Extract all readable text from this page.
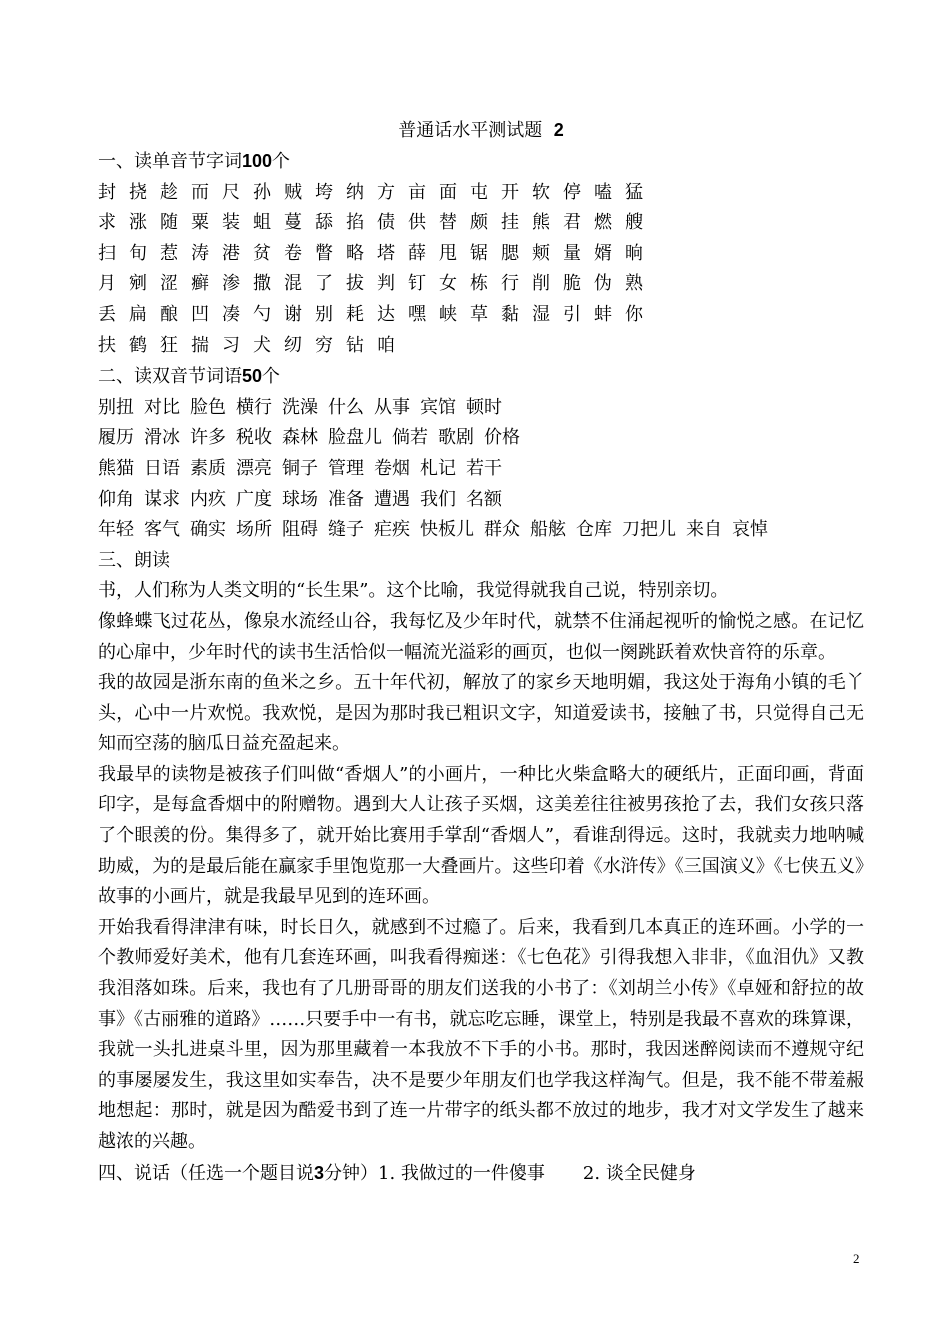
普通话水平测试题 2
一、读单音节字词100个
封 挠 趁 而 尺 孙 贼 垮 纳 方 亩 面 屯 开 软 停 嗑 猛
求 涨 随 粟 装 蛆 蔓 舔 掐 债 供 替 颇 挂 熊 君 燃 艘
扫 旬 惹 涛 港 贫 卷 瞥 略 塔 薛 甩 锯 腮 颊 量 婿 晌
月 剜 涩 癣 渗 撒 混 了 拔 判 钉 女 栋 行 削 脆 伪 熟
丢 扁 酿 凹 凑 勺 谢 别 耗 达 嘿 峡 草 黏 湿 引 蚌 你
扶 鹤 狂 揣 习 犬 纫 穷 钻 咱
二、读双音节词语50个
别扭 对比 脸色 横行 洗澡 什么 从事 宾馆 顿时
履历 滑冰 许多 税收 森林 脸盘儿 倘若 歌剧 价格
熊猫 日语 素质 漂亮 铜子 管理 卷烟 札记 若干
仰角 谋求 内疚 广度 球场 准备 遭遇 我们 名额
年轻 客气 确实 场所 阻碍 缝子 疟疾 快板儿 群众 船舷 仓库 刀把儿 来自 哀悼
三、朗读

书，人们称为人类文明的“长生果”。这个比喻，我觉得就我自己说，特别亲切。

像蜂蝶飞过花丛，像泉水流经山谷，我每忆及少年时代，就禁不住涌起视听的愉悦之感。在记忆的心扉中，少年时代的读书生活恰似一幅流光溢彩的画页，也似一阕跳跃着欢快音符的乐章。

我的故园是浙东南的鱼米之乡。五十年代初，解放了的家乡天地明媚，我这处于海角小镇的毛丫头，心中一片欢悦。我欢悦，是因为那时我已粗识文字，知道爱读书，接触了书，只觉得自己无知而空荡的脑瓜日益充盈起来。

我最早的读物是被孩子们叫做“香烟人”的小画片，一种比火柴盒略大的硬纸片，正面印画，背面印字，是每盒香烟中的附赠物。遇到大人让孩子买烟，这美差往往被男孩抢了去，我们女孩只落了个眼羡的份。集得多了，就开始比赛用手掌刮“香烟人”，看谁刮得远。这时，我就卖力地呐喊助威，为的是最后能在赢家手里饱览那一大叠画片。这些印着《水浒传》《三国演义》《七侠五义》故事的小画片，就是我最早见到的连环画。

开始我看得津津有味，时长日久，就感到不过瘾了。后来，我看到几本真正的连环画。小学的一个教师爱好美术，他有几套连环画，叫我看得痴迷：《七色花》引得我想入非非，《血泪仇》又教我泪落如珠。后来，我也有了几册哥哥的朋友们送我的小书了：《刘胡兰小传》《卓娅和舒拉的故事》《古丽雅的道路》……只要手中一有书，就忘吃忘睡，课堂上，特别是我最不喜欢的珠算课，我就一头扎进桌斗里，因为那里藏着一本我放不下手的小书。那时，我因迷醉阅读而不遵规守纪的事屡屡发生，我这里如实奉告，决不是要少年朋友们也学我这样淘气。但是，我不能不带羞赧地想起：那时，就是因为酷爱书到了连一片带字的纸头都不放过的地步，我才对文学发生了越来越浓的兴趣。

四、说话（任选一个题目说3分钟）1. 我做过的一件傻事 2. 谈全民健身
2
